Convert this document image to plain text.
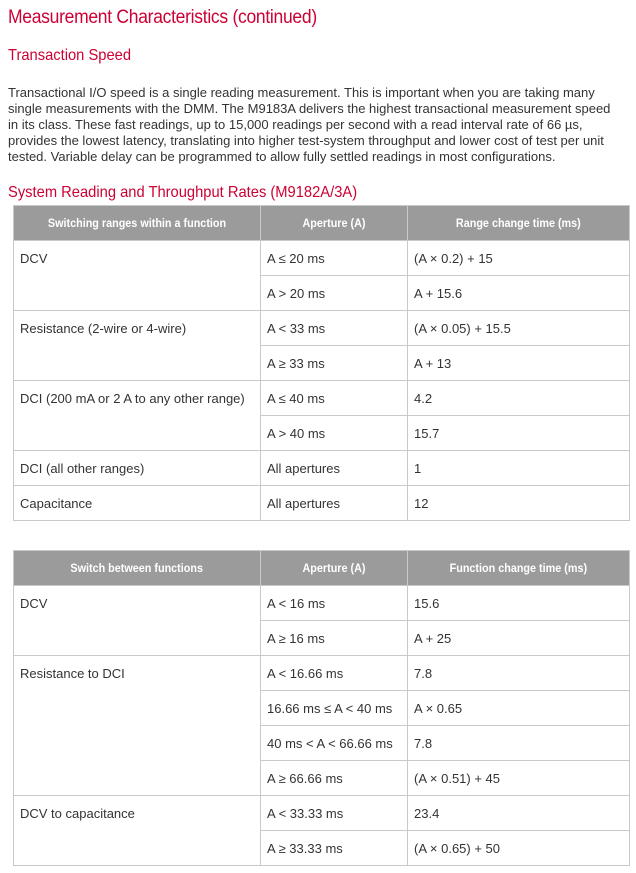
Measurement Characteristics (continued)
Transaction Speed
Transactional I/O speed is a single reading measurement. This is important when you are taking many
single measurements with the DMM. The M9183A delivers the highest transactional measurement speed
in its class. These fast readings, up to 15,000 readings per second with a read interval rate of 66 µs,
provides the lowest latency, translating into higher test-system throughput and lower cost of test per unit
tested. Variable delay can be programmed to allow fully settled readings in most configurations.
System Reading and Throughput Rates (M9182A/3A)
Switching ranges within a function	Aperture (A)	Range change time (ms)
DCV	A ≤ 20 ms	(A × 0.2) + 15
	A > 20 ms	A + 15.6
Resistance (2-wire or 4-wire)	A < 33 ms	(A × 0.05) + 15.5
	A ≥ 33 ms	A + 13
DCI (200 mA or 2 A to any other range)	A ≤ 40 ms	4.2
	A > 40 ms	15.7
DCI (all other ranges)	All apertures	1
Capacitance	All apertures	12
Switch between functions	Aperture (A)	Function change time (ms)
DCV	A < 16 ms	15.6
	A ≥ 16 ms	A + 25
Resistance to DCI	A < 16.66 ms	7.8
	16.66 ms ≤ A < 40 ms	A × 0.65
	40 ms < A < 66.66 ms	7.8
	A ≥ 66.66 ms	(A × 0.51) + 45
DCV to capacitance	A < 33.33 ms	23.4
	A ≥ 33.33 ms	(A × 0.65) + 50
